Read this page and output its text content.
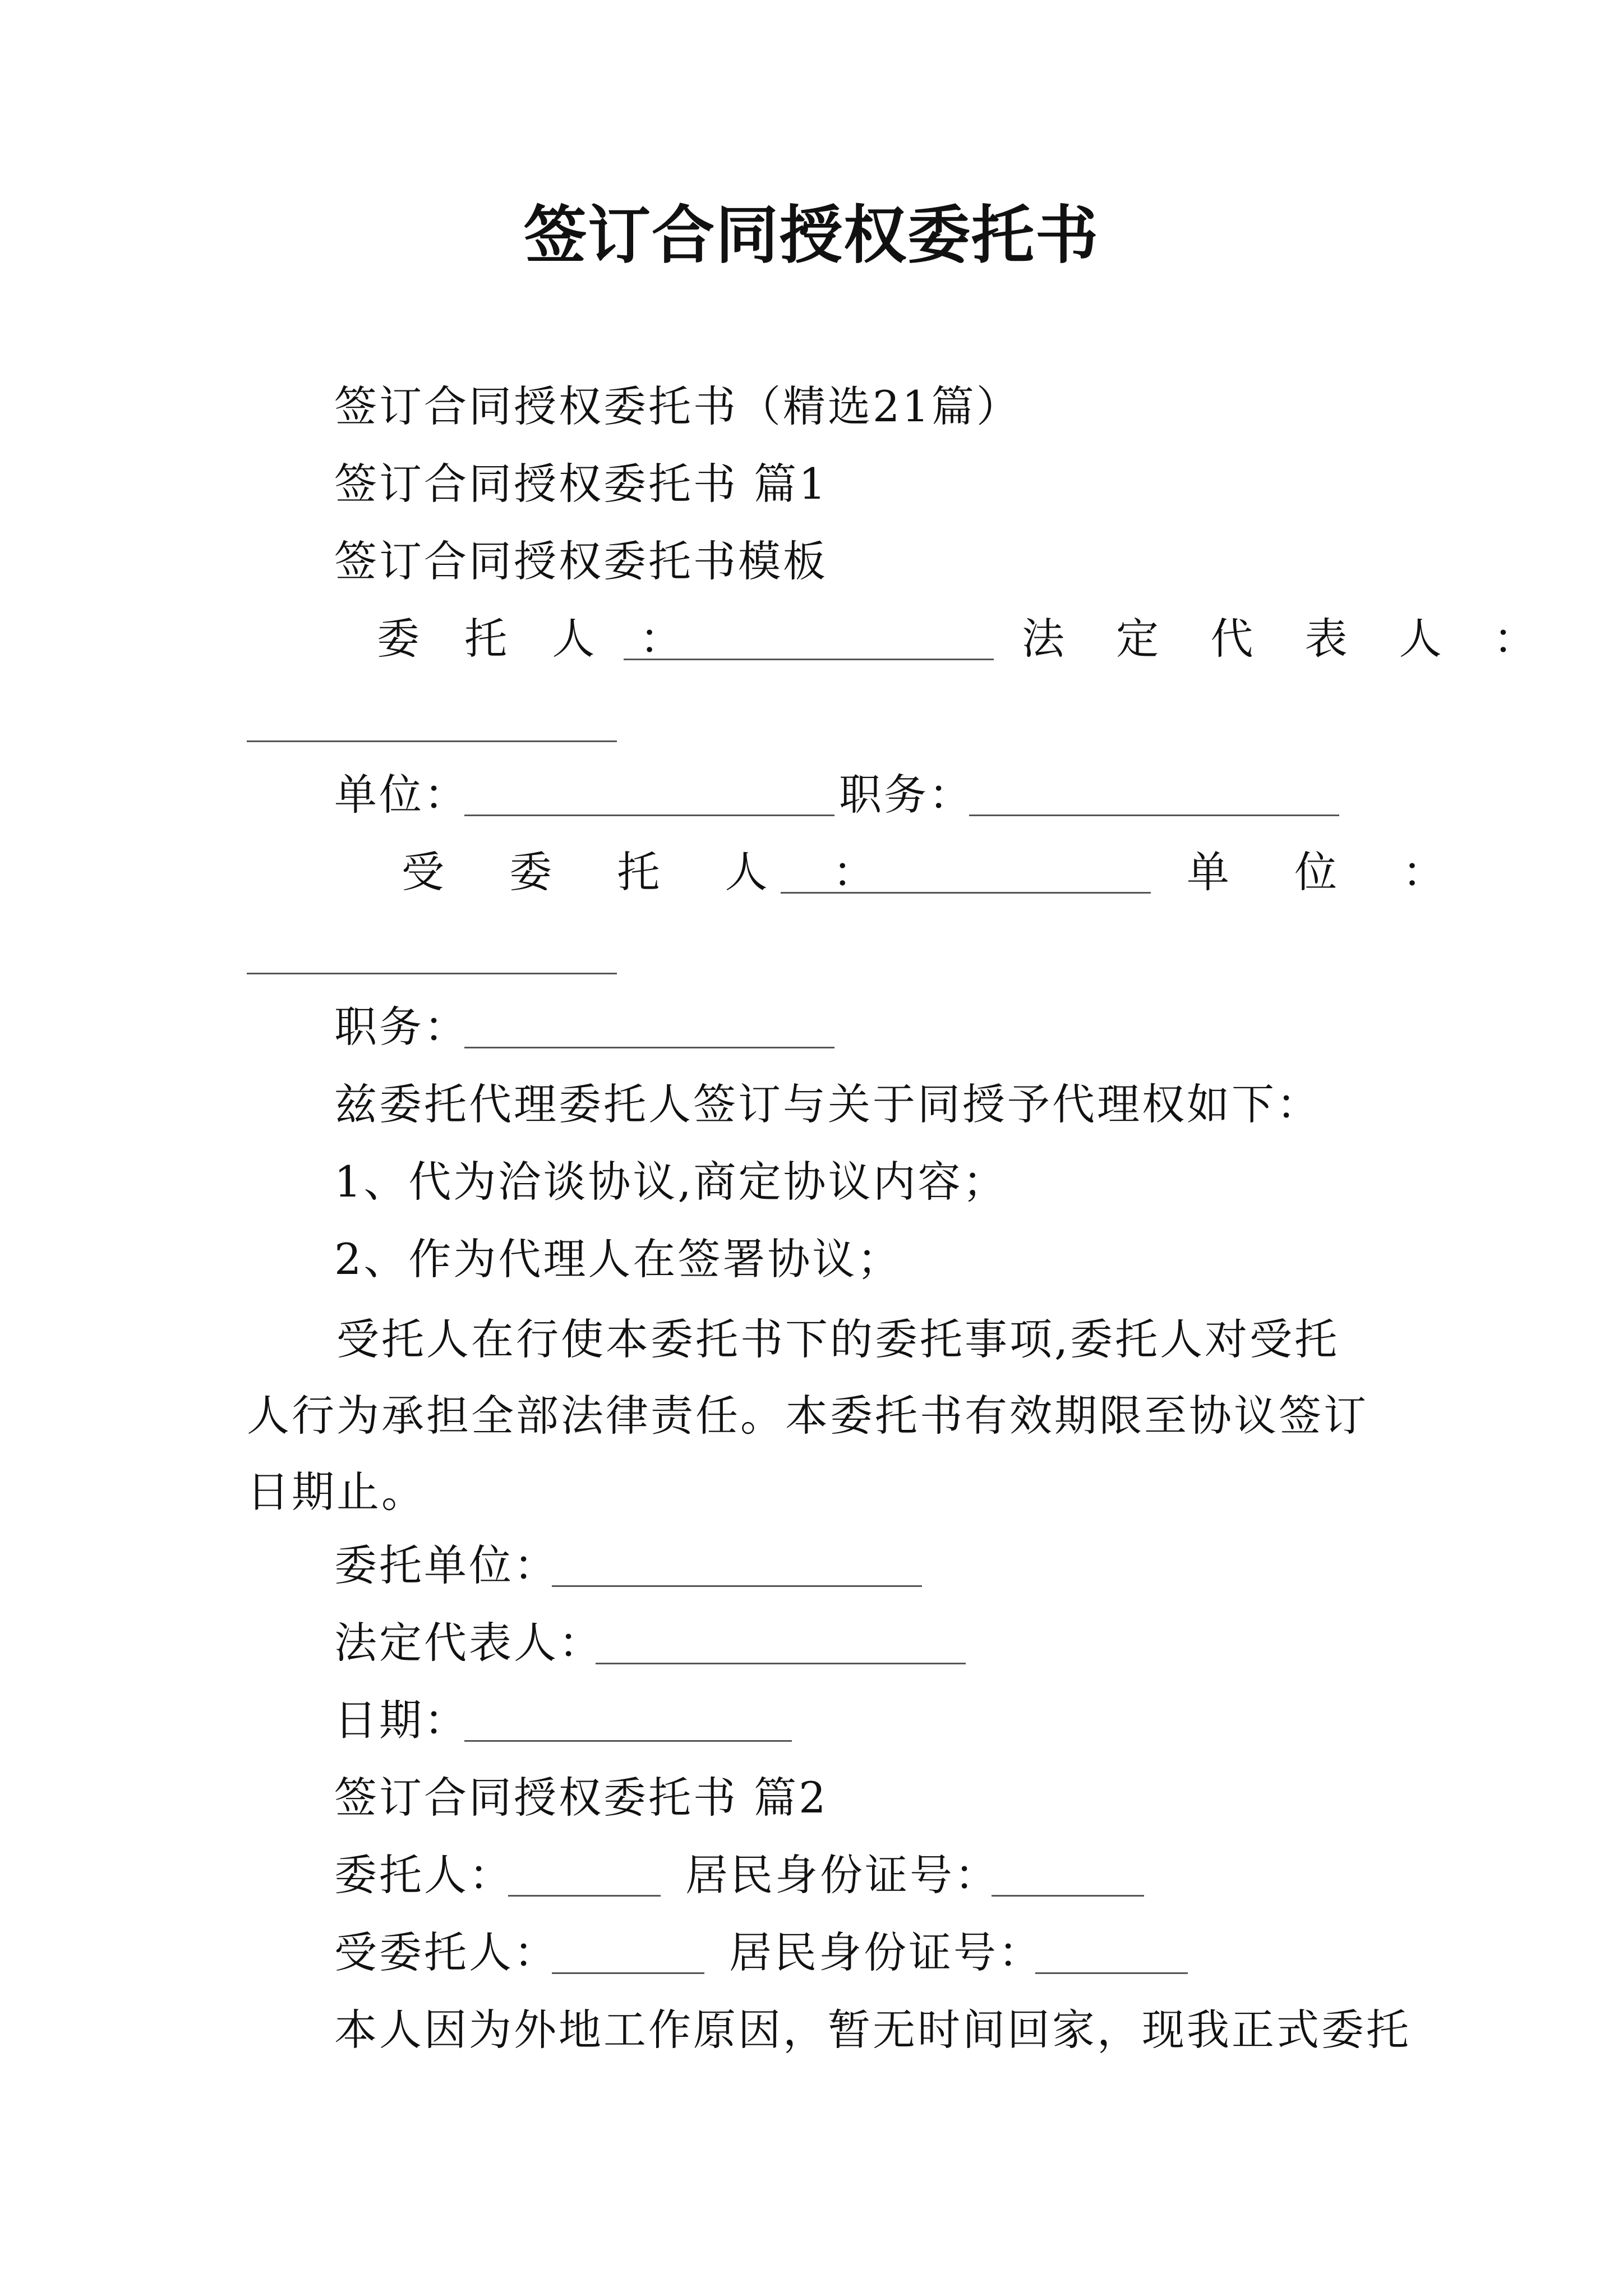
签订合同授权委托书
签订合同授权委托书（精选21篇）
签订合同授权委托书 篇1
签订合同授权委托书模板
委 托 人 ：	法 定 代 表 人 ：
单位：	职务：
受 委 托 人 ：	单 位 ：
职务：
兹委托代理委托人签订与关于同授予代理权如下：
1、代为洽谈协议,商定协议内容；
2、作为代理人在签署协议；
受托人在行使本委托书下的委托事项,委托人对受托人行为承担全部法律责任。本委托书有效期限至协议签订日期止。
委托单位：
法定代表人：
日期：
签订合同授权委托书 篇2
委托人：	居民身份证号：
受委托人：	居民身份证号：
本人因为外地工作原因，暂无时间回家，现我正式委托
